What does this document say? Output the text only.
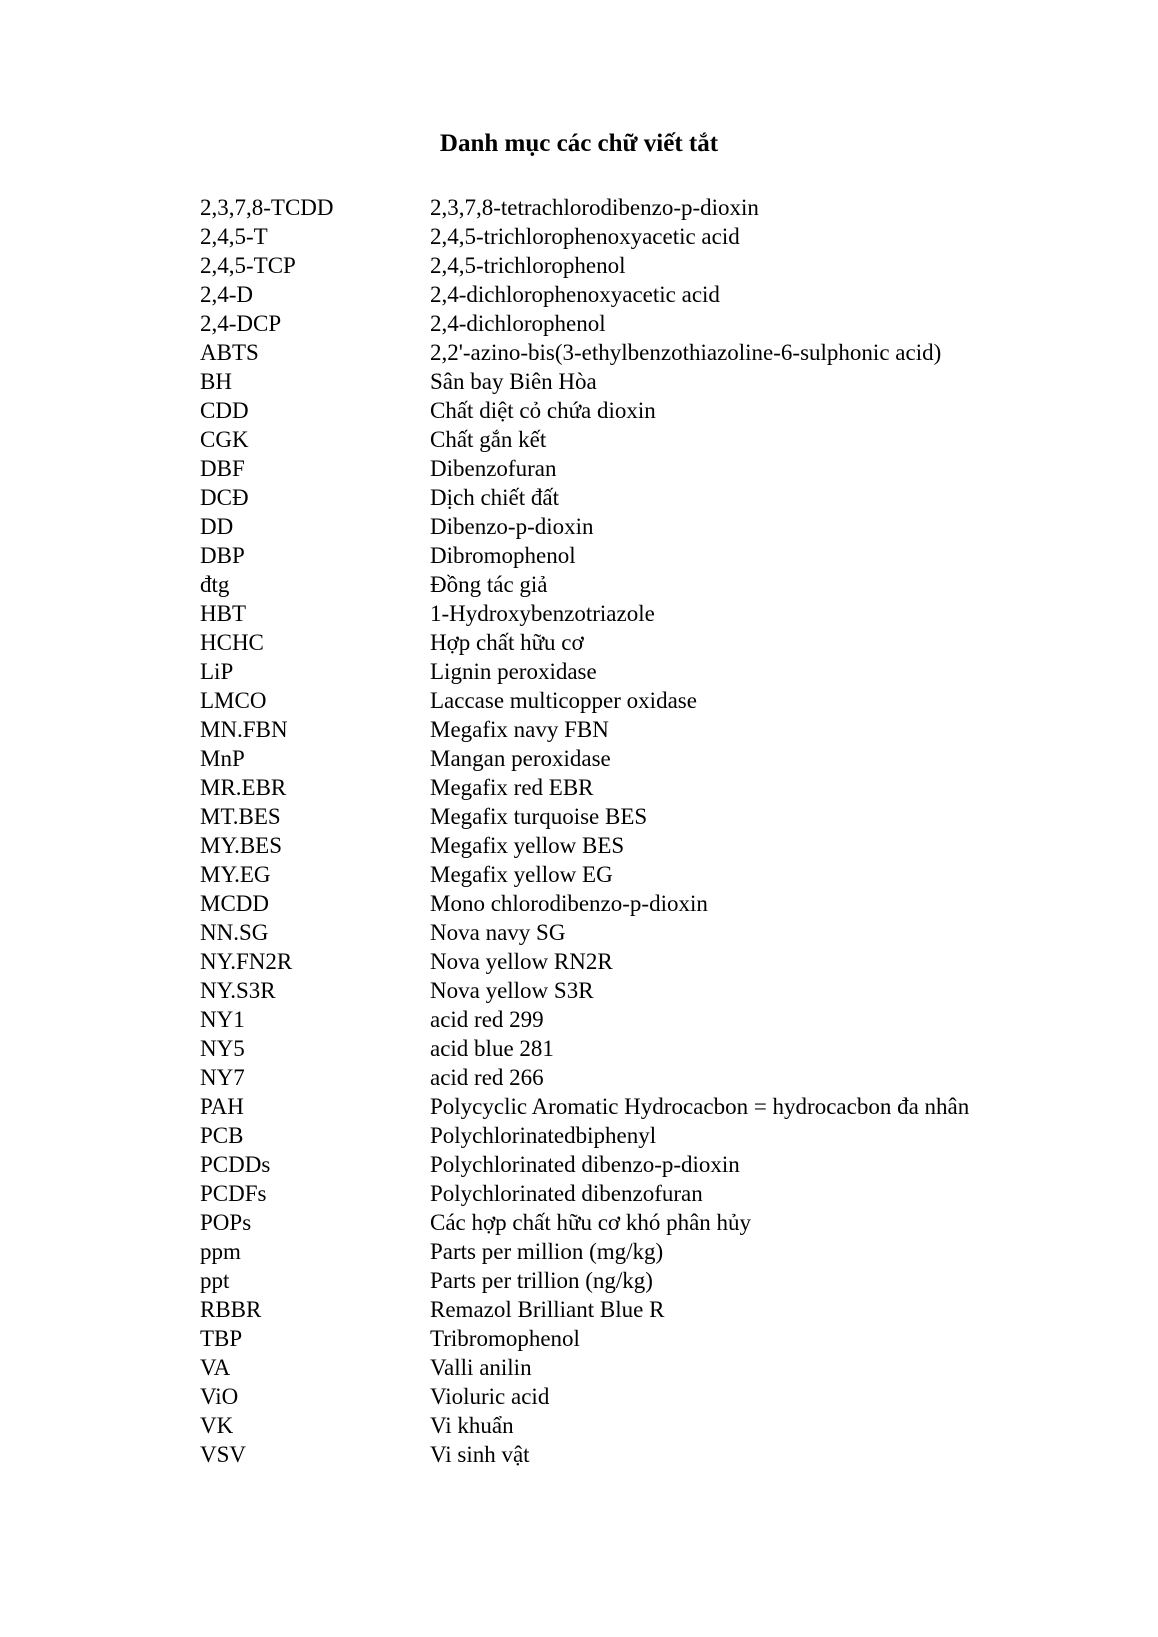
Danh mục các chữ viết tắt
2,3,7,8-TCDD	2,3,7,8-tetrachlorodibenzo-p-dioxin
2,4,5-T	2,4,5-trichlorophenoxyacetic acid
2,4,5-TCP	2,4,5-trichlorophenol
2,4-D	2,4-dichlorophenoxyacetic acid
2,4-DCP	2,4-dichlorophenol
ABTS	2,2'-azino-bis(3-ethylbenzothiazoline-6-sulphonic acid)
BH	Sân bay Biên Hòa
CDD	Chất diệt cỏ chứa dioxin
CGK	Chất gắn kết
DBF	Dibenzofuran
DCĐ	Dịch chiết đất
DD	Dibenzo-p-dioxin
DBP	Dibromophenol
đtg	Đồng tác giả
HBT	1-Hydroxybenzotriazole
HCHC	Hợp chất hữu cơ
LiP	Lignin peroxidase
LMCO	Laccase multicopper oxidase
MN.FBN	Megafix navy FBN
MnP	Mangan peroxidase
MR.EBR	Megafix red EBR
MT.BES	Megafix turquoise BES
MY.BES	Megafix yellow BES
MY.EG	Megafix yellow EG
MCDD	Mono chlorodibenzo-p-dioxin
NN.SG	Nova navy SG
NY.FN2R	Nova yellow RN2R
NY.S3R	Nova yellow S3R
NY1	acid red 299
NY5	acid blue 281
NY7	acid red 266
PAH	Polycyclic Aromatic Hydrocacbon = hydrocacbon đa nhân
PCB	Polychlorinatedbiphenyl
PCDDs	Polychlorinated dibenzo-p-dioxin
PCDFs	Polychlorinated dibenzofuran
POPs	Các hợp chất hữu cơ khó phân hủy
ppm	Parts per million (mg/kg)
ppt	Parts per trillion (ng/kg)
RBBR	Remazol Brilliant Blue R
TBP	Tribromophenol
VA	Valli anilin
ViO	Violuric acid
VK	Vi khuẩn
VSV	Vi sinh vật
